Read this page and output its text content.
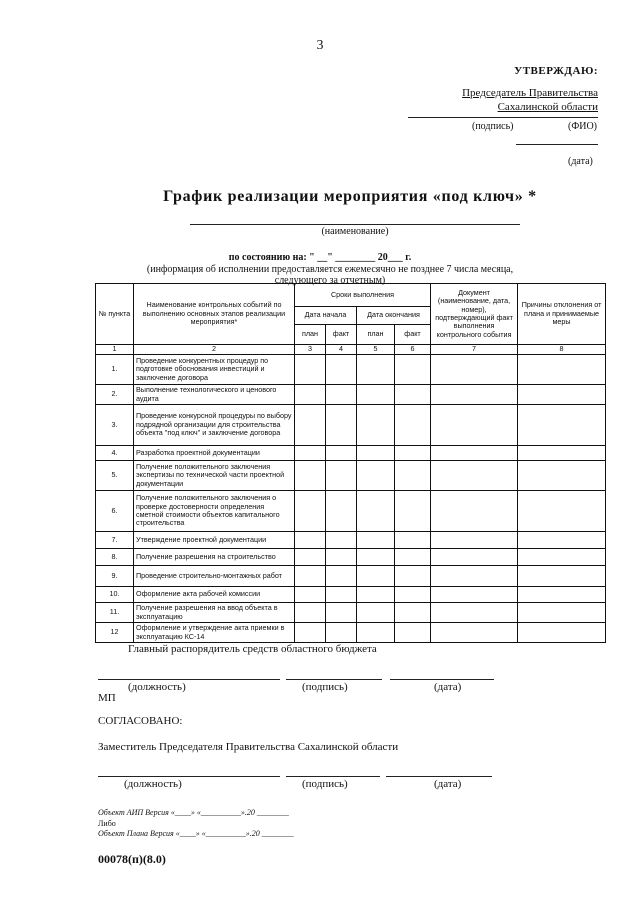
3
УТВЕРЖДАЮ:
Председатель Правительства
Сахалинской области
(подпись)	(ФИО)
(дата)
График реализации мероприятия «под ключ» *
(наименование)
по состоянию на: " __" ________ 20___ г.
(информация об исполнении предоставляется ежемесячно не позднее 7 числа месяца,
следующего за отчетным)
№ пункта	Наименование контрольных событий по выполнению основных этапов реализации мероприятия*	Сроки выполнения				Документ (наименование, дата, номер), подтверждающий факт выполнения контрольного события	Причины отклонения от плана и принимаемые меры
		Дата начала		Дата окончания			
		план	факт	план	факт		
1	2	3	4	5	6	7	8
1.	Проведение конкурентных процедур по подготовке обоснования инвестиций и заключение договора						
2.	Выполнение технологического и ценового аудита						
3.	Проведение конкурсной процедуры по выбору подрядной организации для строительства объекта "под ключ" и заключение договора						
4.	Разработка проектной документации						
5.	Получение положительного заключения экспертизы по технической части проектной документации						
6.	Получение положительного заключения о проверке достоверности определения сметной стоимости объектов капитального строительства						
7.	Утверждение проектной документации						
8.	Получение разрешения на строительство						
9.	Проведение строительно-монтажных работ						
10.	Оформление акта рабочей комиссии						
11.	Получение разрешения на ввод объекта в эксплуатацию						
12	Оформление и утверждение акта приемки в эксплуатацию КС-14						
Главный распорядитель средств областного бюджета
(должность)	(подпись)	(дата)
МП
СОГЛАСОВАНО:
Заместитель Председателя Правительства Сахалинской области
(должность)	(подпись)	(дата)
Объект АИП Версия «____» «__________».20 ________
Либо
Объект Плана Версия «____» «__________».20 ________
00078(п)(8.0)
